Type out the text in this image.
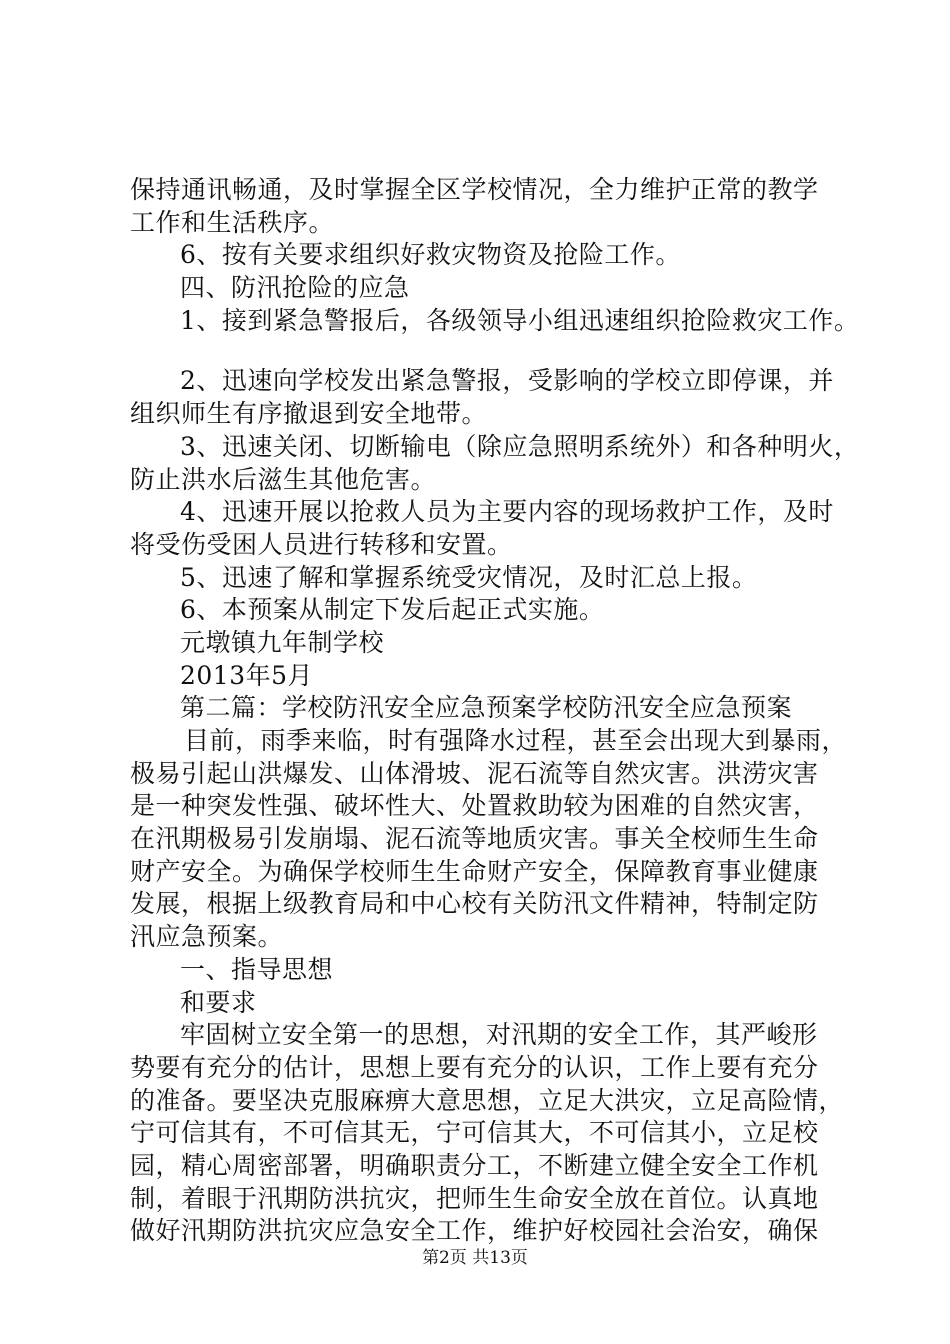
保持通讯畅通，及时掌握全区学校情况，全力维护正常的教学
工作和生活秩序。
6、按有关要求组织好救灾物资及抢险工作。
四、防汛抢险的应急
1、接到紧急警报后，各级领导小组迅速组织抢险救灾工作。
2、迅速向学校发出紧急警报，受影响的学校立即停课，并
组织师生有序撤退到安全地带。
3、迅速关闭、切断输电（除应急照明系统外）和各种明火，
防止洪水后滋生其他危害。
4、迅速开展以抢救人员为主要内容的现场救护工作，及时
将受伤受困人员进行转移和安置。
5、迅速了解和掌握系统受灾情况，及时汇总上报。
6、本预案从制定下发后起正式实施。
元墩镇九年制学校
2013年5月
第二篇：学校防汛安全应急预案学校防汛安全应急预案
目前，雨季来临，时有强降水过程，甚至会出现大到暴雨，
极易引起山洪爆发、山体滑坡、泥石流等自然灾害。洪涝灾害
是一种突发性强、破坏性大、处置救助较为困难的自然灾害，
在汛期极易引发崩塌、泥石流等地质灾害。事关全校师生生命
财产安全。为确保学校师生生命财产安全，保障教育事业健康
发展，根据上级教育局和中心校有关防汛文件精神，特制定防
汛应急预案。
一、指导思想
和要求
牢固树立安全第一的思想，对汛期的安全工作，其严峻形
势要有充分的估计，思想上要有充分的认识，工作上要有充分
的准备。要坚决克服麻痹大意思想，立足大洪灾，立足高险情，
宁可信其有，不可信其无，宁可信其大，不可信其小，立足校
园，精心周密部署，明确职责分工，不断建立健全安全工作机
制，着眼于汛期防洪抗灾，把师生生命安全放在首位。认真地
做好汛期防洪抗灾应急安全工作，维护好校园社会治安，确保
第2页 共13页
